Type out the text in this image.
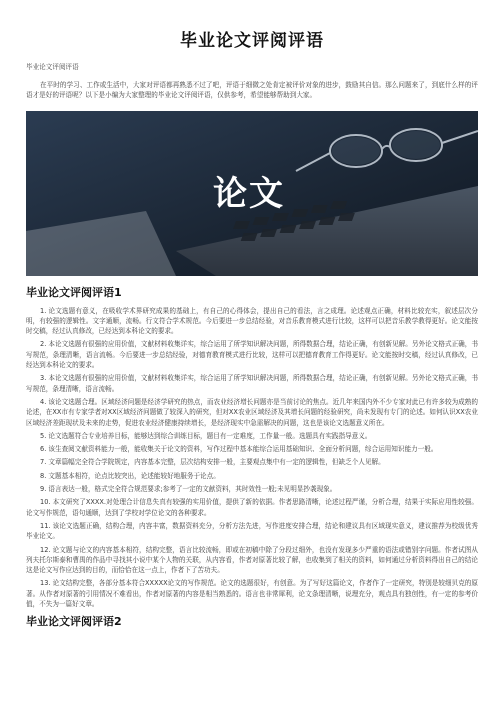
毕业论文评阅评语
毕业论文评阅评语

在平时的学习、工作或生活中，大家对评语都再熟悉不过了吧，评语于细微之处肯定被评价对象的进步，鼓励其自信。那么问题来了，到底什么样的评语才是好的评语呢？以下是小编为大家整理的毕业论文评阅评语，仅供参考，希望能够帮助到大家。

论文
毕业论文评阅评语1

1. 论文选题有意义，在吸收学术界研究成果的基础上，有自己的心得体会，提出自己的看法，言之成理。论述观点正确，材料比较充实，叙述层次分明，有较强的逻辑性。文字通顺，流畅。行文符合学术规范。今后要进一步总结经验，对音乐教育模式进行比较，这样可以把音乐教学教得更好。论文能按时交稿，经过认真修改，已经达到本科论文的要求。

2. 本论文选题有很强的应用价值，文献材料收集详实，综合运用了所学知识解决问题，所得数据合理，结论正确，有创新见解。另外论文格式正确，书写规范，条理清晰，语言流畅。今后要进一步总结经验，对德育教育模式进行比较，这样可以把德育教育工作得更好。论文能按时交稿，经过认真修改，已经达到本科论文的要求。

3. 本论文选题有很强的应用价值，文献材料收集详实，综合运用了所学知识解决问题，所得数据合理，结论正确，有创新见解。另外论文格式正确，书写规范，条理清晰，语言流畅。

4. 该论文选题合理。区域经济问题是经济学研究的热点，而农业经济增长问题亦是当前讨论的焦点。近几年来国内外不少专家对此已有许多较为成熟的论述，在XX市有专家学者对XX区域经济问题做了较深入的研究，但对XX农业区域经济及其增长问题的经验研究，尚未发现有专门的论述。如何认识XX农业区域经济差距现状及未来的走势，促进农业经济健康持续增长，是经济现实中急需解决的问题，这也是该论文选题意义所在。

5. 论文选题符合专业培养目标，能够达到综合训练目标，题目有一定难度，工作量一般。选题具有实践指导意义。

6. 该生查阅文献资料能力一般，能收集关于论文的资料，写作过程中基本能综合运用基础知识、全面分析问题，综合运用知识能力一般。

7. 文章篇幅完全符合学院规定，内容基本完整，层次结构安排一般，主要观点集中有一定的逻辑性，但缺乏个人见解。

8. 文题基本相符，论点比较突出，论述能较好地服务于论点。

9. 语言表达一般，格式完全符合规范要求;参考了一定的文献资料，其时效性一般;未见明显抄袭现象。

10. 本文研究了XXXX.对处理合计信息失真有较强的实用价值，提供了新的依据。作者思路清晰，论述过程严谨，分析合理，结果于实际应用性较强。论文写作规范，语句通顺，达到了学校对学位论文的各种要求。

11. 该论文选题正确，结构合理，内容丰富，数据资料充分，分析方法先进，写作进度安排合理，结论和建议具有区域现实意义，建议推荐为校级优秀毕业论文。

12. 论文题与论文的内容基本相符，结构完整，语言比较流畅，即或在初稿中除了分段过细外，也没有发现多少严重的语法或错别字问题。作者试图从列夫托尔斯泰和曹禺的作品中寻找其小说中某个人物的关联，从内容看，作者对原著比较了解，也收集到了相关的资料，如何通过分析资料得出自己的结论这是论文写作应达到的目的，而恰恰在这一点上，作者下了苦功夫。

13. 论文结构完整，各部分基本符合XXXXX论文的写作规范。论文的选题很好，有创意。为了写好这篇论文，作者作了一定研究，特别是较细贝克的原著。从作者对原著的引用情况不难看出，作者对原著的内容是相当熟悉的。语言也非常犀利，论文条理清晰，说理充分，观点具有独创性，有一定的参考价值，不失为一篇好文章。

毕业论文评阅评语2
